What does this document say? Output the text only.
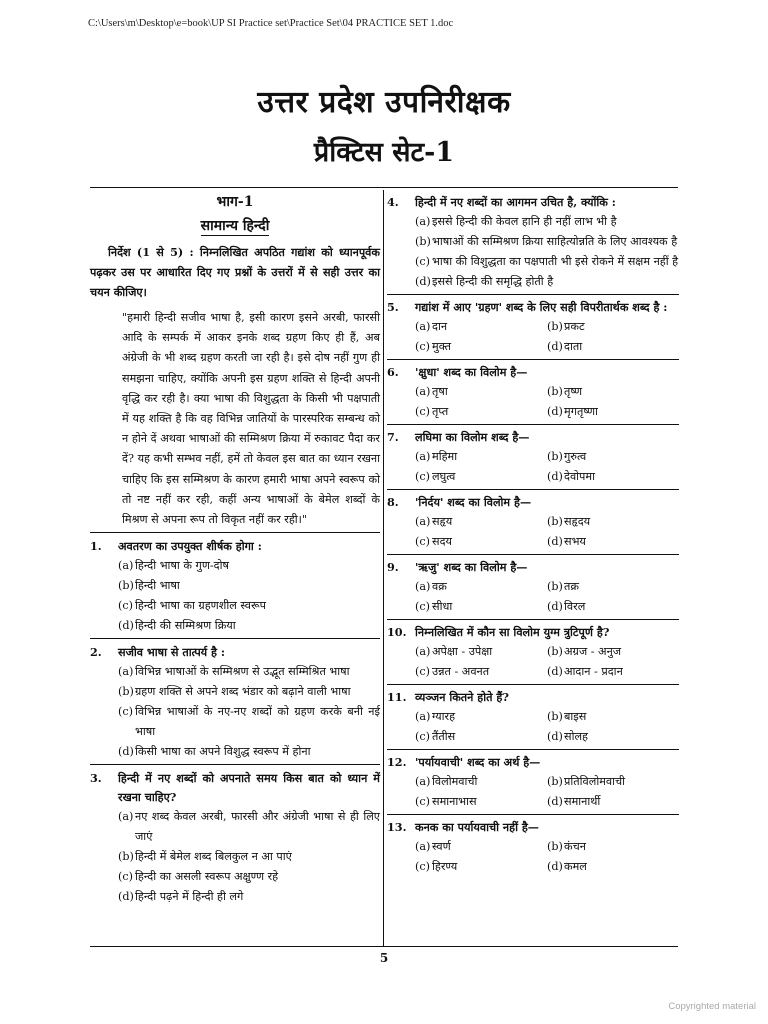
C:\Users\m\Desktop\e=book\UP SI Practice set\Practice Set\04 PRACTICE SET 1.doc
उत्तर प्रदेश उपनिरीक्षक
प्रैक्टिस सेट-1
भाग-1
सामान्य हिन्दी
निर्देश (1 से 5) : निम्नलिखित अपठित गद्यांश को ध्यानपूर्वक पढ़कर उस पर आधारित दिए गए प्रश्नों के उत्तरों में से सही उत्तर का चयन कीजिए।
"हमारी हिन्दी सजीव भाषा है, इसी कारण इसने अरबी, फारसी आदि के सम्पर्क में आकर इनके शब्द ग्रहण किए ही हैं, अब अंग्रेजी के भी शब्द ग्रहण करती जा रही है। इसे दोष नहीं गुण ही समझना चाहिए, क्योंकि अपनी इस ग्रहण शक्ति से हिन्दी अपनी वृद्धि कर रही है। क्या भाषा की विशुद्धता के किसी भी पक्षपाती में यह शक्ति है कि वह विभिन्न जातियों के पारस्परिक सम्बन्ध को न होने दें अथवा भाषाओं की सम्मिश्रण क्रिया में रुकावट पैदा कर दें? यह कभी सम्भव नहीं, हमें तो केवल इस बात का ध्यान रखना चाहिए कि इस सम्मिश्रण के कारण हमारी भाषा अपने स्वरूप को तो नष्ट नहीं कर रही, कहीं अन्य भाषाओं के बेमेल शब्दों के मिश्रण से अपना रूप तो विकृत नहीं कर रही।"
1.	अवतरण का उपयुक्त शीर्षक होगा :
(a) हिन्दी भाषा के गुण-दोष
(b) हिन्दी भाषा
(c) हिन्दी भाषा का ग्रहणशील स्वरूप
(d) हिन्दी की सम्मिश्रण क्रिया
2.	सजीव भाषा से तात्पर्य है :
(a) विभिन्न भाषाओं के सम्मिश्रण से उद्भूत सम्मिश्रित भाषा
(b) ग्रहण शक्ति से अपने शब्द भंडार को बढ़ाने वाली भाषा
(c) विभिन्न भाषाओं के नए-नए शब्दों को ग्रहण करके बनी नई भाषा
(d) किसी भाषा का अपने विशुद्ध स्वरूप में होना
3.	हिन्दी में नए शब्दों को अपनाते समय किस बात को ध्यान में रखना चाहिए?
(a) नए शब्द केवल अरबी, फारसी और अंग्रेजी भाषा से ही लिए जाएं
(b) हिन्दी में बेमेल शब्द बिलकुल न आ पाएं
(c) हिन्दी का असली स्वरूप अक्षुण्ण रहे
(d) हिन्दी पढ़ने में हिन्दी ही लगे
4.	हिन्दी में नए शब्दों का आगमन उचित है, क्योंकि :
(a) इससे हिन्दी की केवल हानि ही नहीं लाभ भी है
(b) भाषाओं की सम्मिश्रण क्रिया साहित्योन्नति के लिए आवश्यक है
(c) भाषा की विशुद्धता का पक्षपाती भी इसे रोकने में सक्षम नहीं है
(d) इससे हिन्दी की समृद्धि होती है
5.	गद्यांश में आए 'ग्रहण' शब्द के लिए सही विपरीतार्थक शब्द है :
(a) दान	(b) प्रकट
(c) मुक्त	(d) दाता
6.	'क्षुधा' शब्द का विलोम है—
(a) तृषा	(b) तृष्ण
(c) तृप्त	(d) मृगतृष्णा
7.	लघिमा का विलोम शब्द है—
(a) महिमा	(b) गुरुत्व
(c) लघुत्व	(d) देवोपमा
8.	'निर्दय' शब्द का विलोम है—
(a) सहृय	(b) सहृदय
(c) सदय	(d) सभय
9.	'ऋजु' शब्द का विलोम है—
(a) वक्र	(b) तक्र
(c) सीधा	(d) विरल
10. निम्नलिखित में कौन सा विलोम युग्म त्रुटिपूर्ण है?
(a) अपेक्षा - उपेक्षा	(b) अग्रज - अनुज
(c) उन्नत - अवनत	(d) आदान - प्रदान
11. व्यञ्जन कितने होते हैं?
(a) ग्यारह	(b) बाइस
(c) तैंतीस	(d) सोलह
12. 'पर्यायवाची' शब्द का अर्थ है—
(a) विलोमवाची	(b) प्रतिविलोमवाची
(c) समानाभास	(d) समानार्थी
13. कनक का पर्यायवाची नहीं है—
(a) स्वर्ण	(b) कंचन
(c) हिरण्य	(d) कमल
5
Copyrighted material
